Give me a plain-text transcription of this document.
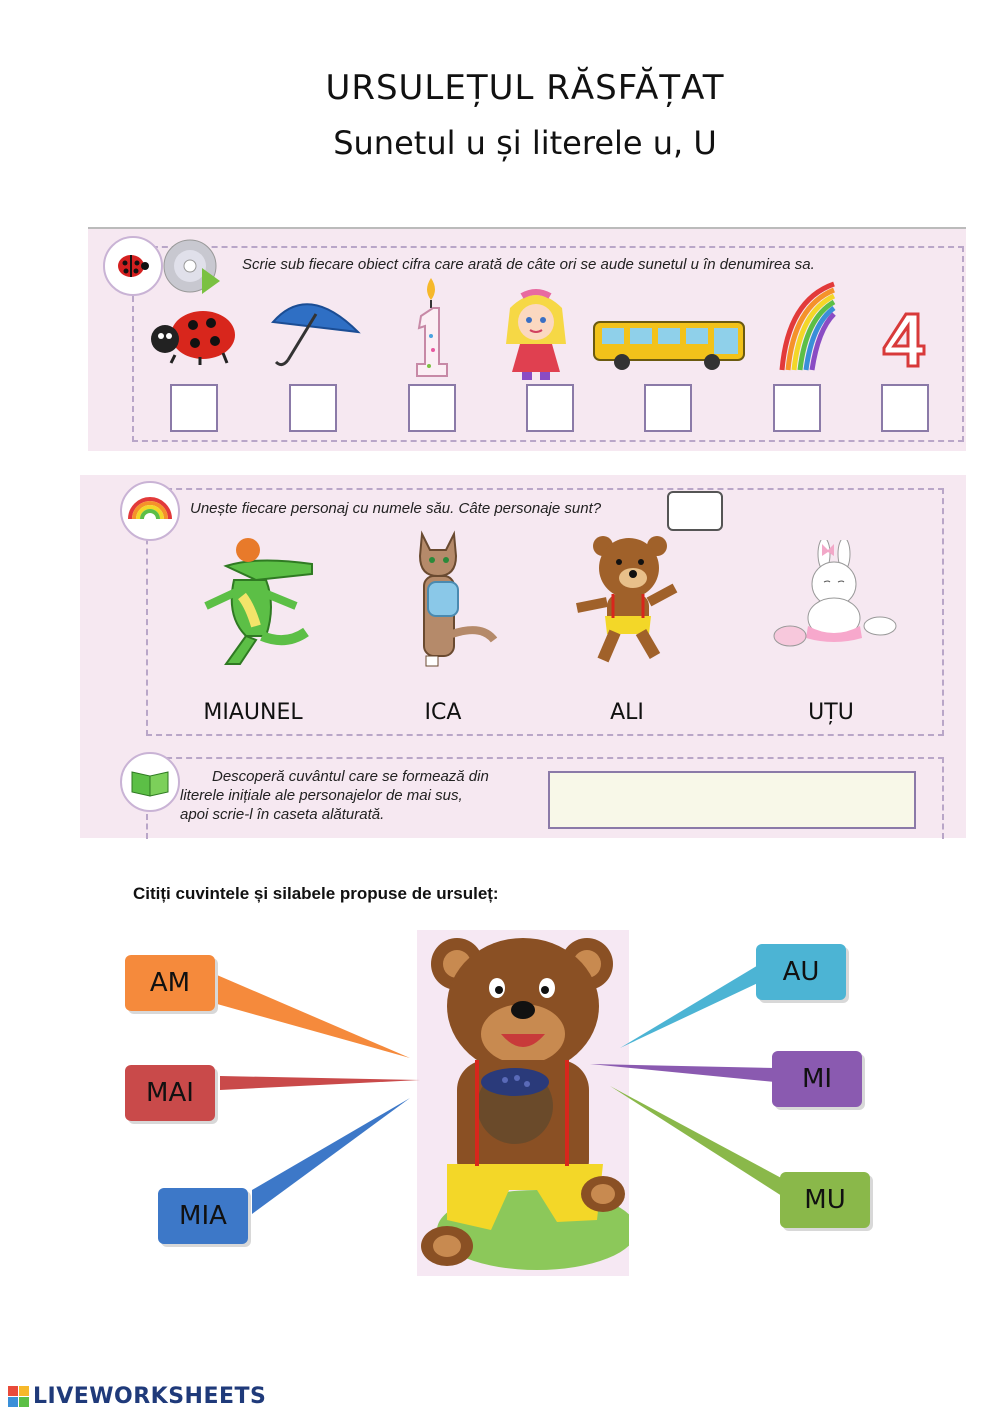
URSULEȚUL RĂSFĂȚAT
Sunetul u și literele u, U
Scrie sub fiecare obiect cifra care arată de câte ori se aude sunetul u în denumirea sa.
Unește fiecare personaj cu numele său. Câte personaje sunt?
MIAUNEL	ICA	ALI	UȚU
Descoperă cuvântul care se formează din
literele inițiale ale personajelor de mai sus,
apoi scrie-l în caseta alăturată.
Citiți cuvintele și silabele propuse de ursuleț:
AM
MAI
MIA
AU
MI
MU
LIVEWORKSHEETS
